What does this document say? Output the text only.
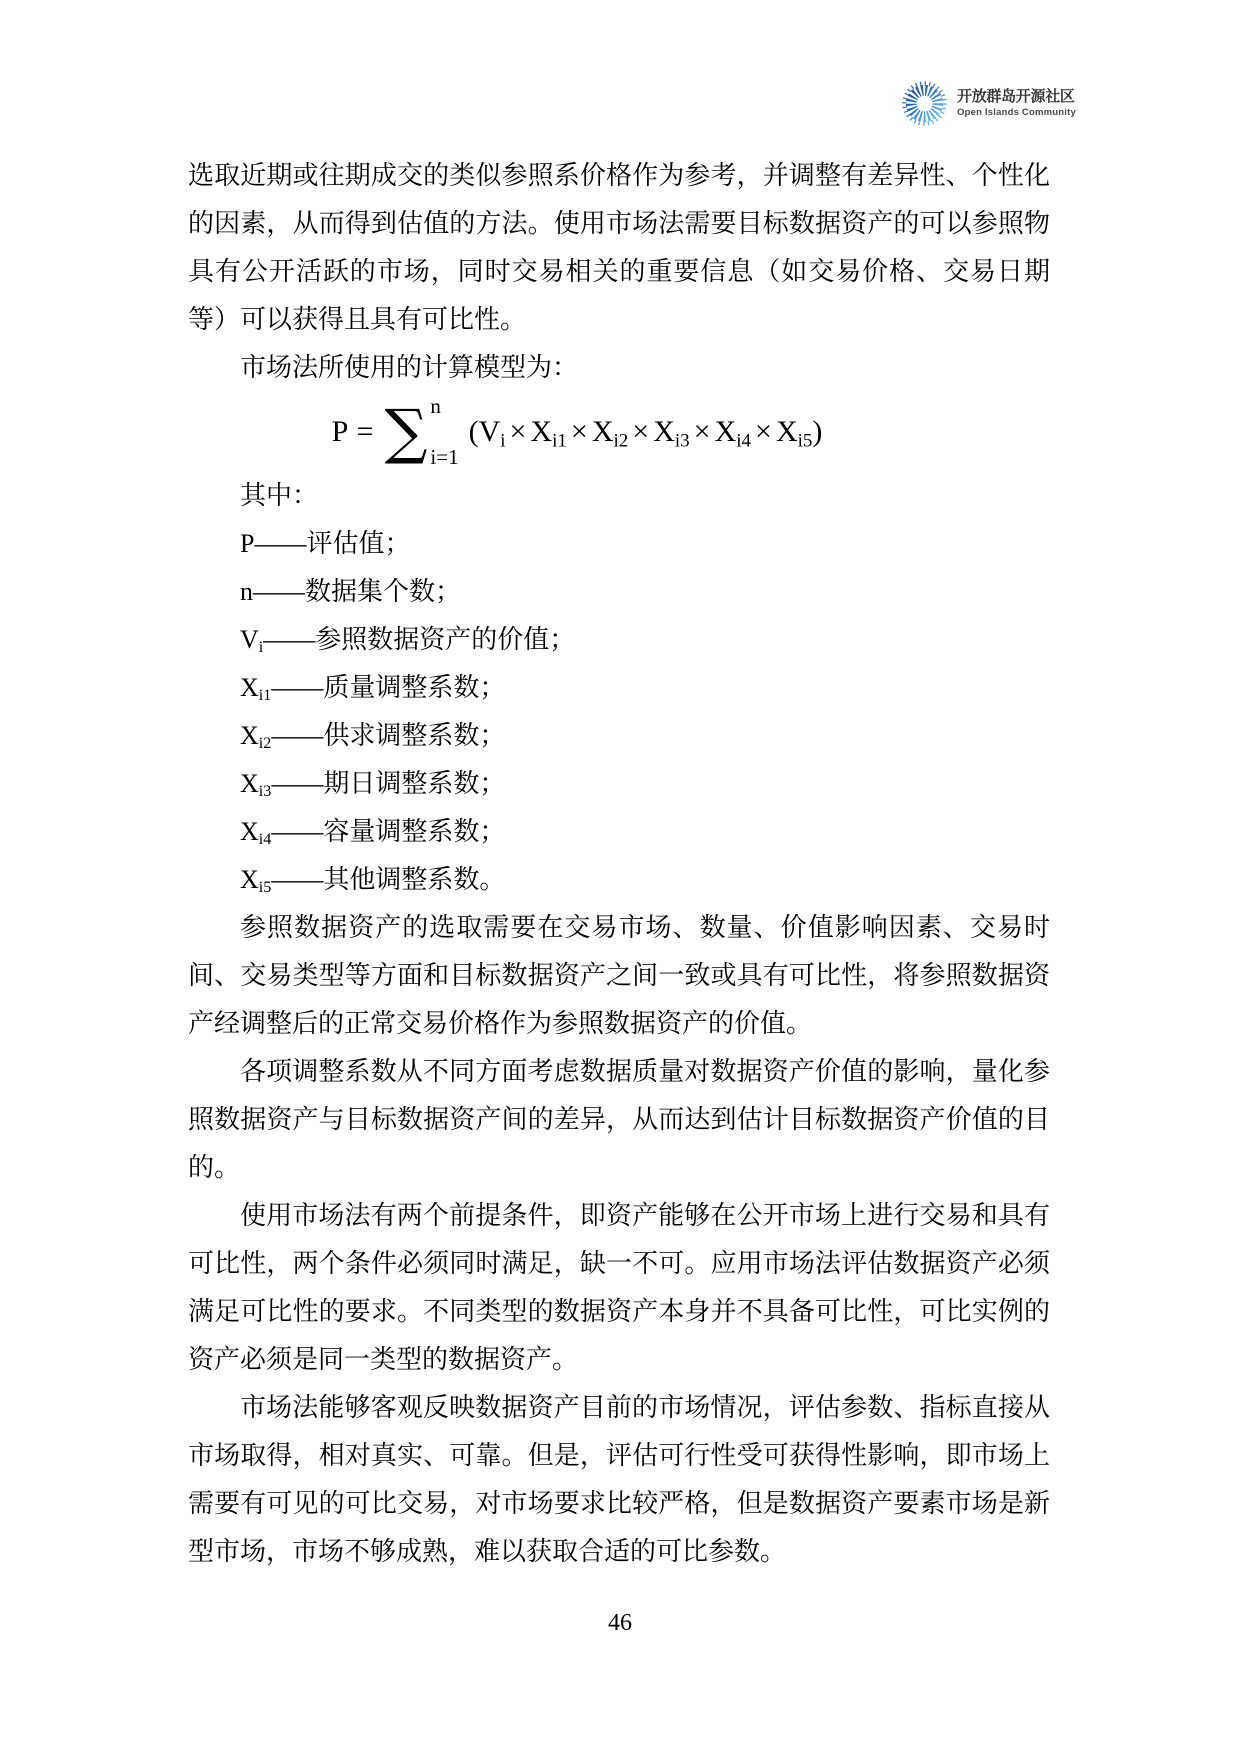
开放群岛开源社区
Open Islands Community

选取近期或往期成交的类似参照系价格作为参考，并调整有差异性、个性化的因素，从而得到估值的方法。使用市场法需要目标数据资产的可以参照物具有公开活跃的市场，同时交易相关的重要信息（如交易价格、交易日期等）可以获得且具有可比性。

市场法所使用的计算模型为：

P = ∑ n
i=1
$(V_i \times X_{i1} \times X_{i2} \times X_{i3} \times X_{i4} \times X_{i5})$

其中：

P——评估值；

n——数据集个数；

$V_i——$参照数据资产的价值；

$X_{i1}——$质量调整系数；

$X_{i2}——$供求调整系数；

$X_{i3}——$期日调整系数；

$X_{i4}——$容量调整系数；

$X_{i5}——$其他调整系数。

参照数据资产的选取需要在交易市场、数量、价值影响因素、交易时间、交易类型等方面和目标数据资产之间一致或具有可比性，将参照数据资产经调整后的正常交易价格作为参照数据资产的价值。

各项调整系数从不同方面考虑数据质量对数据资产价值的影响，量化参照数据资产与目标数据资产间的差异，从而达到估计目标数据资产价值的目的。

使用市场法有两个前提条件，即资产能够在公开市场上进行交易和具有可比性，两个条件必须同时满足，缺一不可。应用市场法评估数据资产必须满足可比性的要求。不同类型的数据资产本身并不具备可比性，可比实例的资产必须是同一类型的数据资产。

市场法能够客观反映数据资产目前的市场情况，评估参数、指标直接从市场取得，相对真实、可靠。但是，评估可行性受可获得性影响，即市场上需要有可见的可比交易，对市场要求比较严格，但是数据资产要素市场是新型市场，市场不够成熟，难以获取合适的可比参数。

46
